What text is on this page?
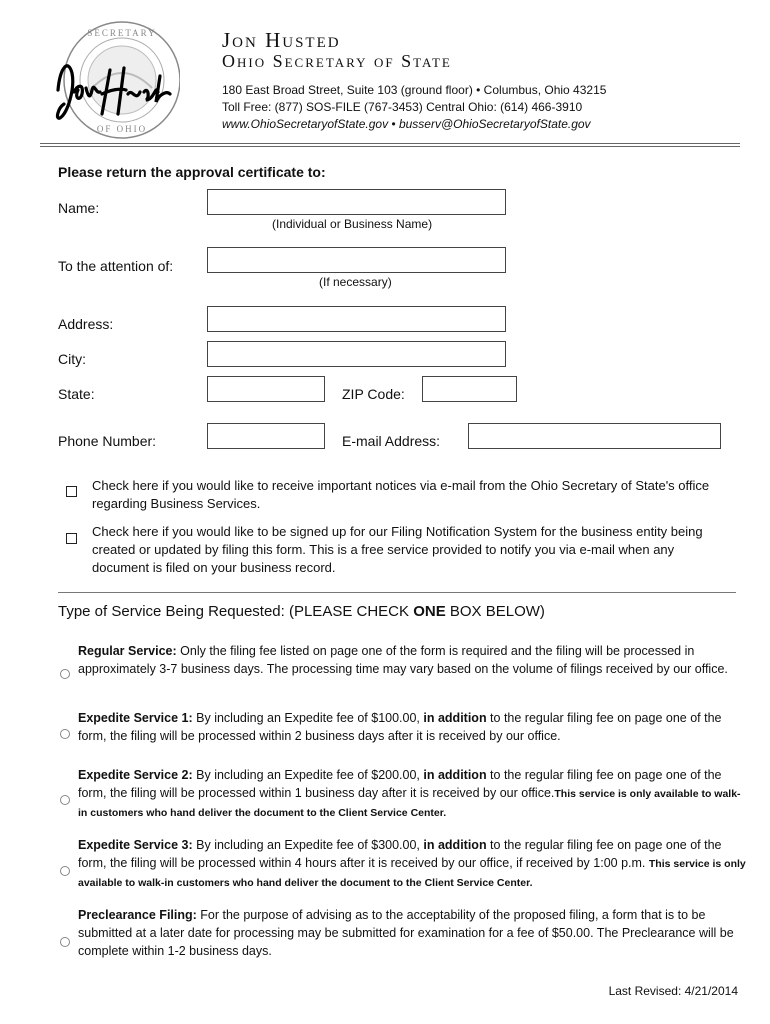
SECRETARY
OF OHIO
Jon Husted
Ohio Secretary of State
180 East Broad Street, Suite 103 (ground floor) • Columbus, Ohio 43215
Toll Free: (877) SOS-FILE (767-3453) Central Ohio: (614) 466-3910
www.OhioSecretaryofState.gov • busserv@OhioSecretaryofState.gov
Please return the approval certificate to:
Name:
(Individual or Business Name)
To the attention of:
(If necessary)
Address:
City:
State:	ZIP Code:
Phone Number:	E-mail Address:
Check here if you would like to receive important notices via e-mail from the Ohio Secretary of State's office regarding Business Services.
Check here if you would like to be signed up for our Filing Notification System for the business entity being created or updated by filing this form. This is a free service provided to notify you via e-mail when any document is filed on your business record.
Type of Service Being Requested: (PLEASE CHECK ONE BOX BELOW)
Regular Service: Only the filing fee listed on page one of the form is required and the filing will be processed in approximately 3-7 business days. The processing time may vary based on the volume of filings received by our office.
Expedite Service 1: By including an Expedite fee of $100.00, in addition to the regular filing fee on page one of the form, the filing will be processed within 2 business days after it is received by our office.
Expedite Service 2: By including an Expedite fee of $200.00, in addition to the regular filing fee on page one of the form, the filing will be processed within 1 business day after it is received by our office.This service is only available to walk-in customers who hand deliver the document to the Client Service Center.
Expedite Service 3: By including an Expedite fee of $300.00, in addition to the regular filing fee on page one of the form, the filing will be processed within 4 hours after it is received by our office, if received by 1:00 p.m. This service is only available to walk-in customers who hand deliver the document to the Client Service Center.
Preclearance Filing: For the purpose of advising as to the acceptability of the proposed filing, a form that is to be submitted at a later date for processing may be submitted for examination for a fee of $50.00. The Preclearance will be complete within 1-2 business days.
Last Revised: 4/21/2014
